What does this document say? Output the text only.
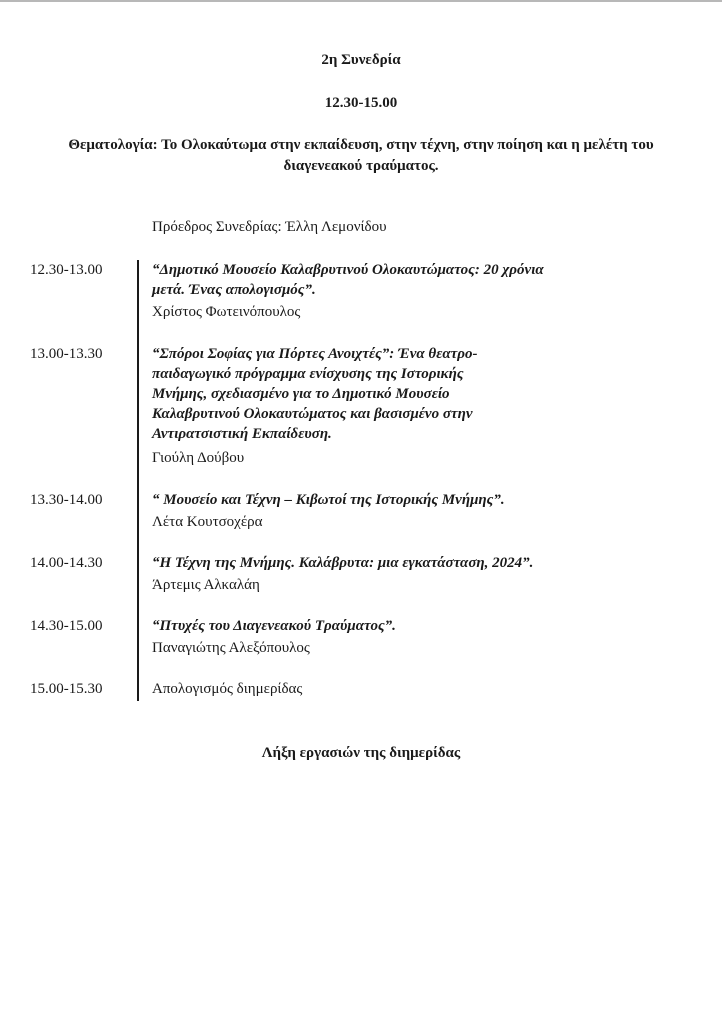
2η Συνεδρία
12.30-15.00
Θεματολογία: Το Ολοκαύτωμα στην εκπαίδευση, στην τέχνη, στην ποίηση και η μελέτη του διαγενεακού τραύματος.
Πρόεδρος Συνεδρίας: Έλλη Λεμονίδου
12.30-13.00	“Δημοτικό Μουσείο Καλαβρυτινού Ολοκαυτώματος: 20 χρόνια
μετά. Ένας απολογισμός”.
Χρίστος Φωτεινόπουλος
13.00-13.30	“Σπόροι Σοφίας για Πόρτες Ανοιχτές”: Ένα θεατρο-
παιδαγωγικό πρόγραμμα ενίσχυσης της Ιστορικής
Μνήμης, σχεδιασμένο για το Δημοτικό Μουσείο
Καλαβρυτινού Ολοκαυτώματος και βασισμένο στην
Αντιρατσιστική Εκπαίδευση.
Γιούλη Δούβου
13.30-14.00	“ Μουσείο και Τέχνη – Κιβωτοί της Ιστορικής Μνήμης”.
Λέτα Κουτσοχέρα
14.00-14.30	“Η Τέχνη της Μνήμης. Καλάβρυτα: μια εγκατάσταση, 2024”.
Άρτεμις Αλκαλάη
14.30-15.00	“Πτυχές του Διαγενεακού Τραύματος”.
Παναγιώτης Αλεξόπουλος
15.00-15.30	Απολογισμός διημερίδας
Λήξη εργασιών της διημερίδας
